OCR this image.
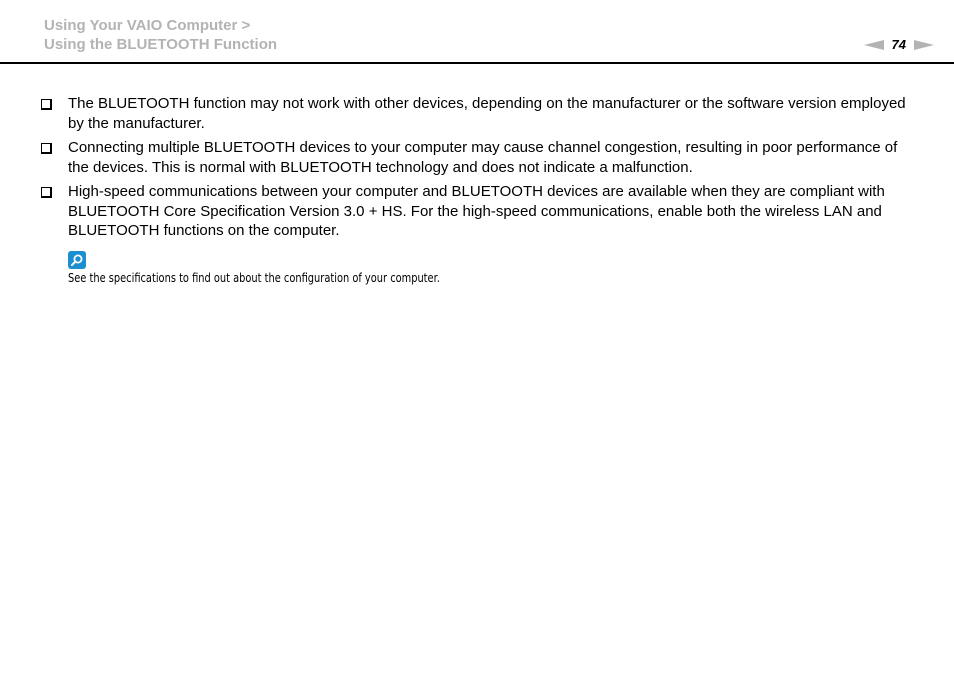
Using Your VAIO Computer >
Using the BLUETOOTH Function	74
The BLUETOOTH function may not work with other devices, depending on the manufacturer or the software version employed by the manufacturer.
Connecting multiple BLUETOOTH devices to your computer may cause channel congestion, resulting in poor performance of the devices. This is normal with BLUETOOTH technology and does not indicate a malfunction.
High-speed communications between your computer and BLUETOOTH devices are available when they are compliant with BLUETOOTH Core Specification Version 3.0 + HS. For the high-speed communications, enable both the wireless LAN and BLUETOOTH functions on the computer.
See the specifications to find out about the configuration of your computer.
